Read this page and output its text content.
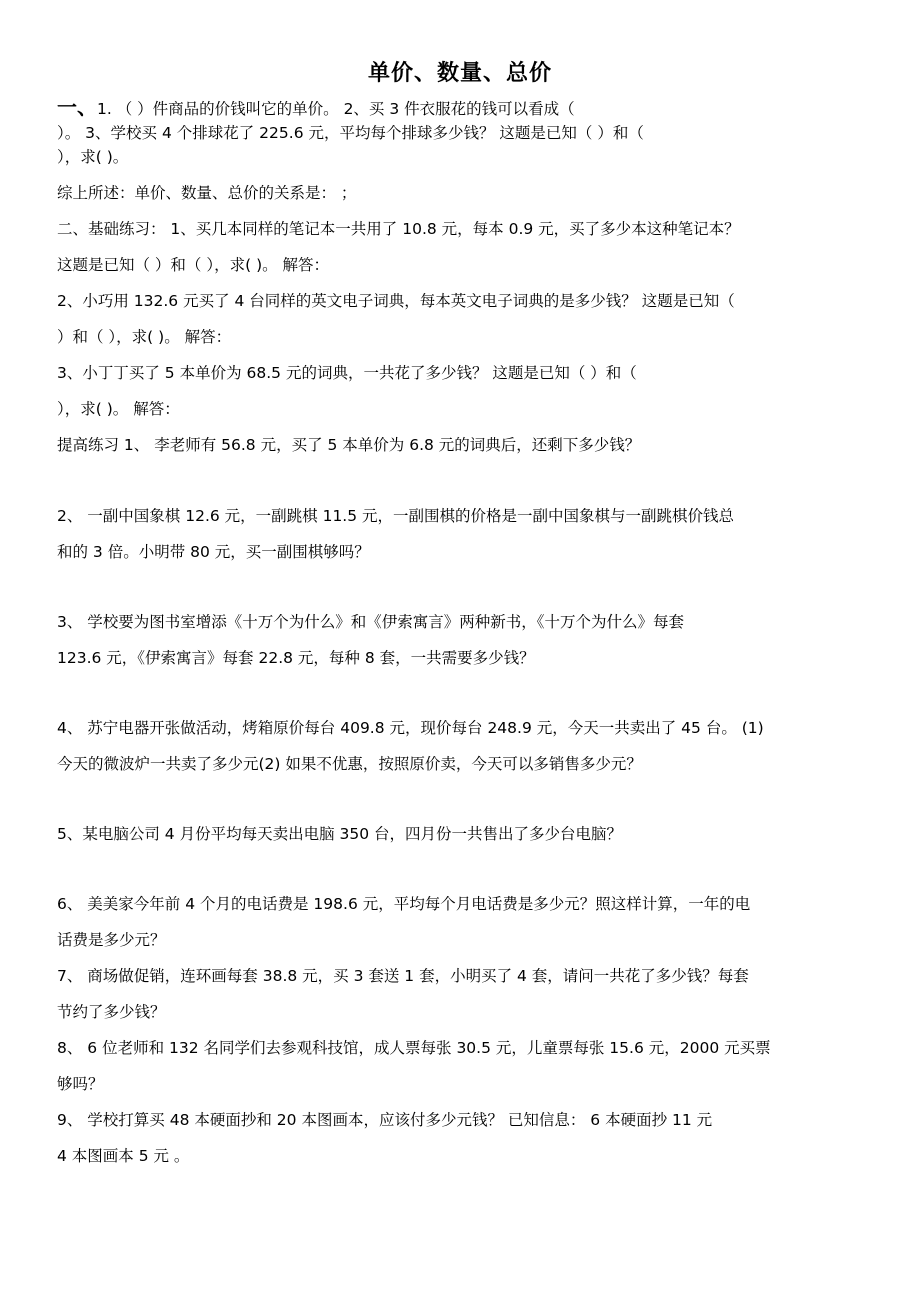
单价、数量、总价
一、1. （ ）件商品的价钱叫它的单价。 2、买 3 件衣服花的钱可以看成（
）。 3、学校买 4 个排球花了 225.6 元，平均每个排球多少钱？ 这题是已知（ ）和（
），求( )。
综上所述：单价、数量、总价的关系是： ；
二、基础练习： 1、买几本同样的笔记本一共用了 10.8 元，每本 0.9 元，买了多少本这种笔记本？
这题是已知（ ）和（ ），求( )。 解答：
2、小巧用 132.6 元买了 4 台同样的英文电子词典，每本英文电子词典的是多少钱？ 这题是已知（
）和（ ），求( )。 解答：
3、小丁丁买了 5 本单价为 68.5 元的词典，一共花了多少钱？ 这题是已知（ ）和（
），求( )。 解答：
提高练习 1、 李老师有 56.8 元，买了 5 本单价为 6.8 元的词典后，还剩下多少钱？
2、 一副中国象棋 12.6 元，一副跳棋 11.5 元，一副围棋的价格是一副中国象棋与一副跳棋价钱总
和的 3 倍。小明带 80 元，买一副围棋够吗？
3、 学校要为图书室增添《十万个为什么》和《伊索寓言》两种新书，《十万个为什么》每套
123.6 元，《伊索寓言》每套 22.8 元，每种 8 套，一共需要多少钱？
4、 苏宁电器开张做活动，烤箱原价每台 409.8 元，现价每台 248.9 元，今天一共卖出了 45 台。 (1)
今天的微波炉一共卖了多少元(2) 如果不优惠，按照原价卖，今天可以多销售多少元？
5、某电脑公司 4 月份平均每天卖出电脑 350 台，四月份一共售出了多少台电脑？
6、 美美家今年前 4 个月的电话费是 198.6 元，平均每个月电话费是多少元？照这样计算，一年的电
话费是多少元？
7、 商场做促销，连环画每套 38.8 元，买 3 套送 1 套，小明买了 4 套，请问一共花了多少钱？每套
节约了多少钱？
8、 6 位老师和 132 名同学们去参观科技馆，成人票每张 30.5 元，儿童票每张 15.6 元，2000 元买票
够吗？
9、 学校打算买 48 本硬面抄和 20 本图画本，应该付多少元钱？ 已知信息： 6 本硬面抄 11 元
4 本图画本 5 元 。
